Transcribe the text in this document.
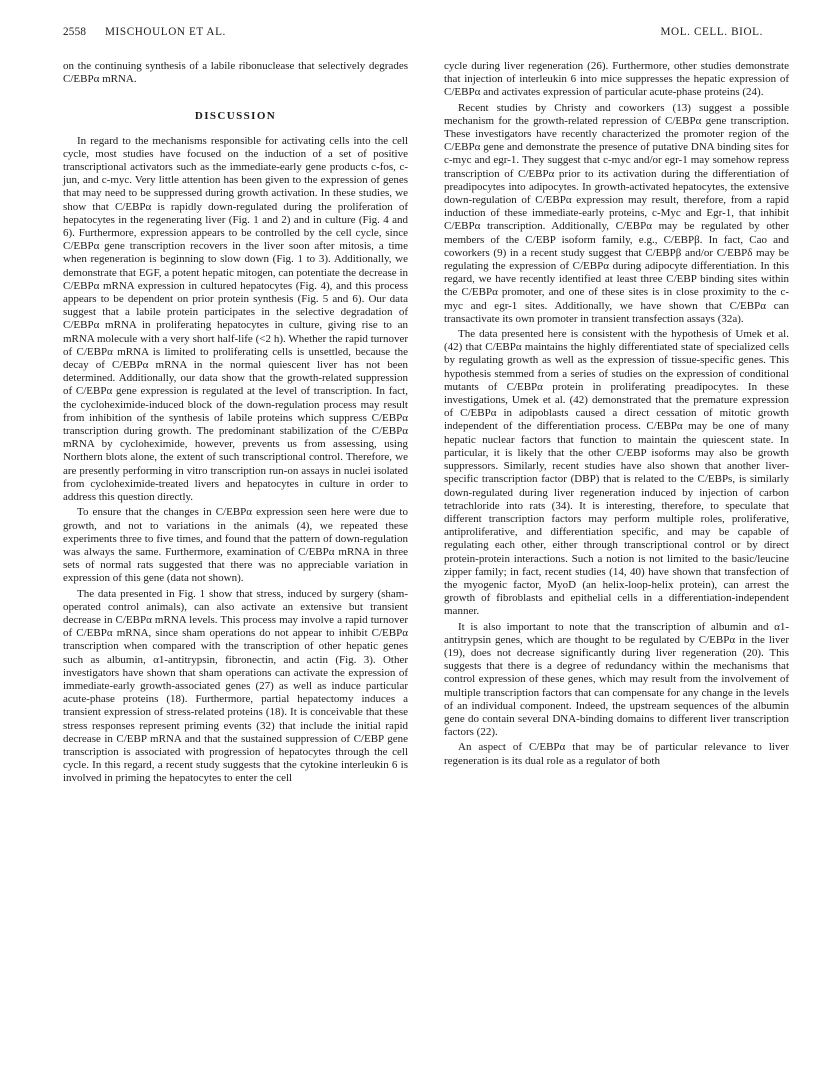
2558 MISCHOULON ET AL.	MOL. CELL. BIOL.

on the continuing synthesis of a labile ribonuclease that selectively degrades C/EBPα mRNA.

DISCUSSION

In regard to the mechanisms responsible for activating cells into the cell cycle, most studies have focused on the induction of a set of positive transcriptional activators such as the immediate-early gene products c-fos, c-jun, and c-myc. Very little attention has been given to the expression of genes that may need to be suppressed during growth activation. In these studies, we show that C/EBPα is rapidly down-regulated during the proliferation of hepatocytes in the regenerating liver (Fig. 1 and 2) and in culture (Fig. 4 and 6). Furthermore, expression appears to be controlled by the cell cycle, since C/EBPα gene transcription recovers in the liver soon after mitosis, a time when regeneration is beginning to slow down (Fig. 1 to 3). Additionally, we demonstrate that EGF, a potent hepatic mitogen, can potentiate the decrease in C/EBPα mRNA expression in cultured hepatocytes (Fig. 4), and this process appears to be dependent on prior protein synthesis (Fig. 5 and 6). Our data suggest that a labile protein participates in the selective degradation of C/EBPα mRNA in proliferating hepatocytes in culture, giving rise to an mRNA molecule with a very short half-life (<2 h). Whether the rapid turnover of C/EBPα mRNA is limited to proliferating cells is unsettled, because the decay of C/EBPα mRNA in the normal quiescent liver has not been determined. Additionally, our data show that the growth-related suppression of C/EBPα gene expression is regulated at the level of transcription. In fact, the cycloheximide-induced block of the down-regulation process may result from inhibition of the synthesis of labile proteins which suppress C/EBPα transcription during growth. The predominant stabilization of the C/EBPα mRNA by cycloheximide, however, prevents us from assessing, using Northern blots alone, the extent of such transcriptional control. Therefore, we are presently performing in vitro transcription run-on assays in nuclei isolated from cycloheximide-treated livers and hepatocytes in culture in order to address this question directly.

To ensure that the changes in C/EBPα expression seen here were due to growth, and not to variations in the animals (4), we repeated these experiments three to five times, and found that the pattern of down-regulation was always the same. Furthermore, examination of C/EBPα mRNA in three sets of normal rats suggested that there was no appreciable variation in expression of this gene (data not shown).

The data presented in Fig. 1 show that stress, induced by surgery (sham-operated control animals), can also activate an extensive but transient decrease in C/EBPα mRNA levels. This process may involve a rapid turnover of C/EBPα mRNA, since sham operations do not appear to inhibit C/EBPα transcription when compared with the transcription of other hepatic genes such as albumin, α1-antitrypsin, fibronectin, and actin (Fig. 3). Other investigators have shown that sham operations can activate the expression of immediate-early growth-associated genes (27) as well as induce particular acute-phase proteins (18). Furthermore, partial hepatectomy induces a transient expression of stress-related proteins (18). It is conceivable that these stress responses represent priming events (32) that include the initial rapid decrease in C/EBP mRNA and that the sustained suppression of C/EBP gene transcription is associated with progression of hepatocytes through the cell cycle. In this regard, a recent study suggests that the cytokine interleukin 6 is involved in priming the hepatocytes to enter the cell

cycle during liver regeneration (26). Furthermore, other studies demonstrate that injection of interleukin 6 into mice suppresses the hepatic expression of C/EBPα and activates expression of particular acute-phase proteins (24).

Recent studies by Christy and coworkers (13) suggest a possible mechanism for the growth-related repression of C/EBPα gene transcription. These investigators have recently characterized the promoter region of the C/EBPα gene and demonstrate the presence of putative DNA binding sites for c-myc and egr-1. They suggest that c-myc and/or egr-1 may somehow repress transcription of C/EBPα prior to its activation during the differentiation of preadipocytes into adipocytes. In growth-activated hepatocytes, the extensive down-regulation of C/EBPα expression may result, therefore, from a rapid induction of these immediate-early proteins, c-Myc and Egr-1, that inhibit C/EBPα transcription. Additionally, C/EBPα may be regulated by other members of the C/EBP isoform family, e.g., C/EBPβ. In fact, Cao and coworkers (9) in a recent study suggest that C/EBPβ and/or C/EBPδ may be regulating the expression of C/EBPα during adipocyte differentiation. In this regard, we have recently identified at least three C/EBP binding sites within the C/EBPα promoter, and one of these sites is in close proximity to the c-myc and egr-1 sites. Additionally, we have shown that C/EBPα can transactivate its own promoter in transient transfection assays (32a).

The data presented here is consistent with the hypothesis of Umek et al. (42) that C/EBPα maintains the highly differentiated state of specialized cells by regulating growth as well as the expression of tissue-specific genes. This hypothesis stemmed from a series of studies on the expression of conditional mutants of C/EBPα protein in proliferating preadipocytes. In these investigations, Umek et al. (42) demonstrated that the premature expression of C/EBPα in adipoblasts caused a direct cessation of mitotic growth independent of the differentiation process. C/EBPα may be one of many hepatic nuclear factors that function to maintain the quiescent state. In particular, it is likely that the other C/EBP isoforms may also be growth suppressors. Similarly, recent studies have also shown that another liver-specific transcription factor (DBP) that is related to the C/EBPs, is similarly down-regulated during liver regeneration induced by injection of carbon tetrachloride into rats (34). It is interesting, therefore, to speculate that different transcription factors may perform multiple roles, proliferative, antiproliferative, and differentiation specific, and may be capable of regulating each other, either through transcriptional control or by direct protein-protein interactions. Such a notion is not limited to the basic/leucine zipper family; in fact, recent studies (14, 40) have shown that transfection of the myogenic factor, MyoD (an helix-loop-helix protein), can arrest the growth of fibroblasts and epithelial cells in a differentiation-independent manner.

It is also important to note that the transcription of albumin and α1-antitrypsin genes, which are thought to be regulated by C/EBPα in the liver (19), does not decrease significantly during liver regeneration (20). This suggests that there is a degree of redundancy within the mechanisms that control expression of these genes, which may result from the involvement of multiple transcription factors that can compensate for any change in the levels of an individual component. Indeed, the upstream sequences of the albumin gene do contain several DNA-binding domains to different liver transcription factors (22).

An aspect of C/EBPα that may be of particular relevance to liver regeneration is its dual role as a regulator of both
